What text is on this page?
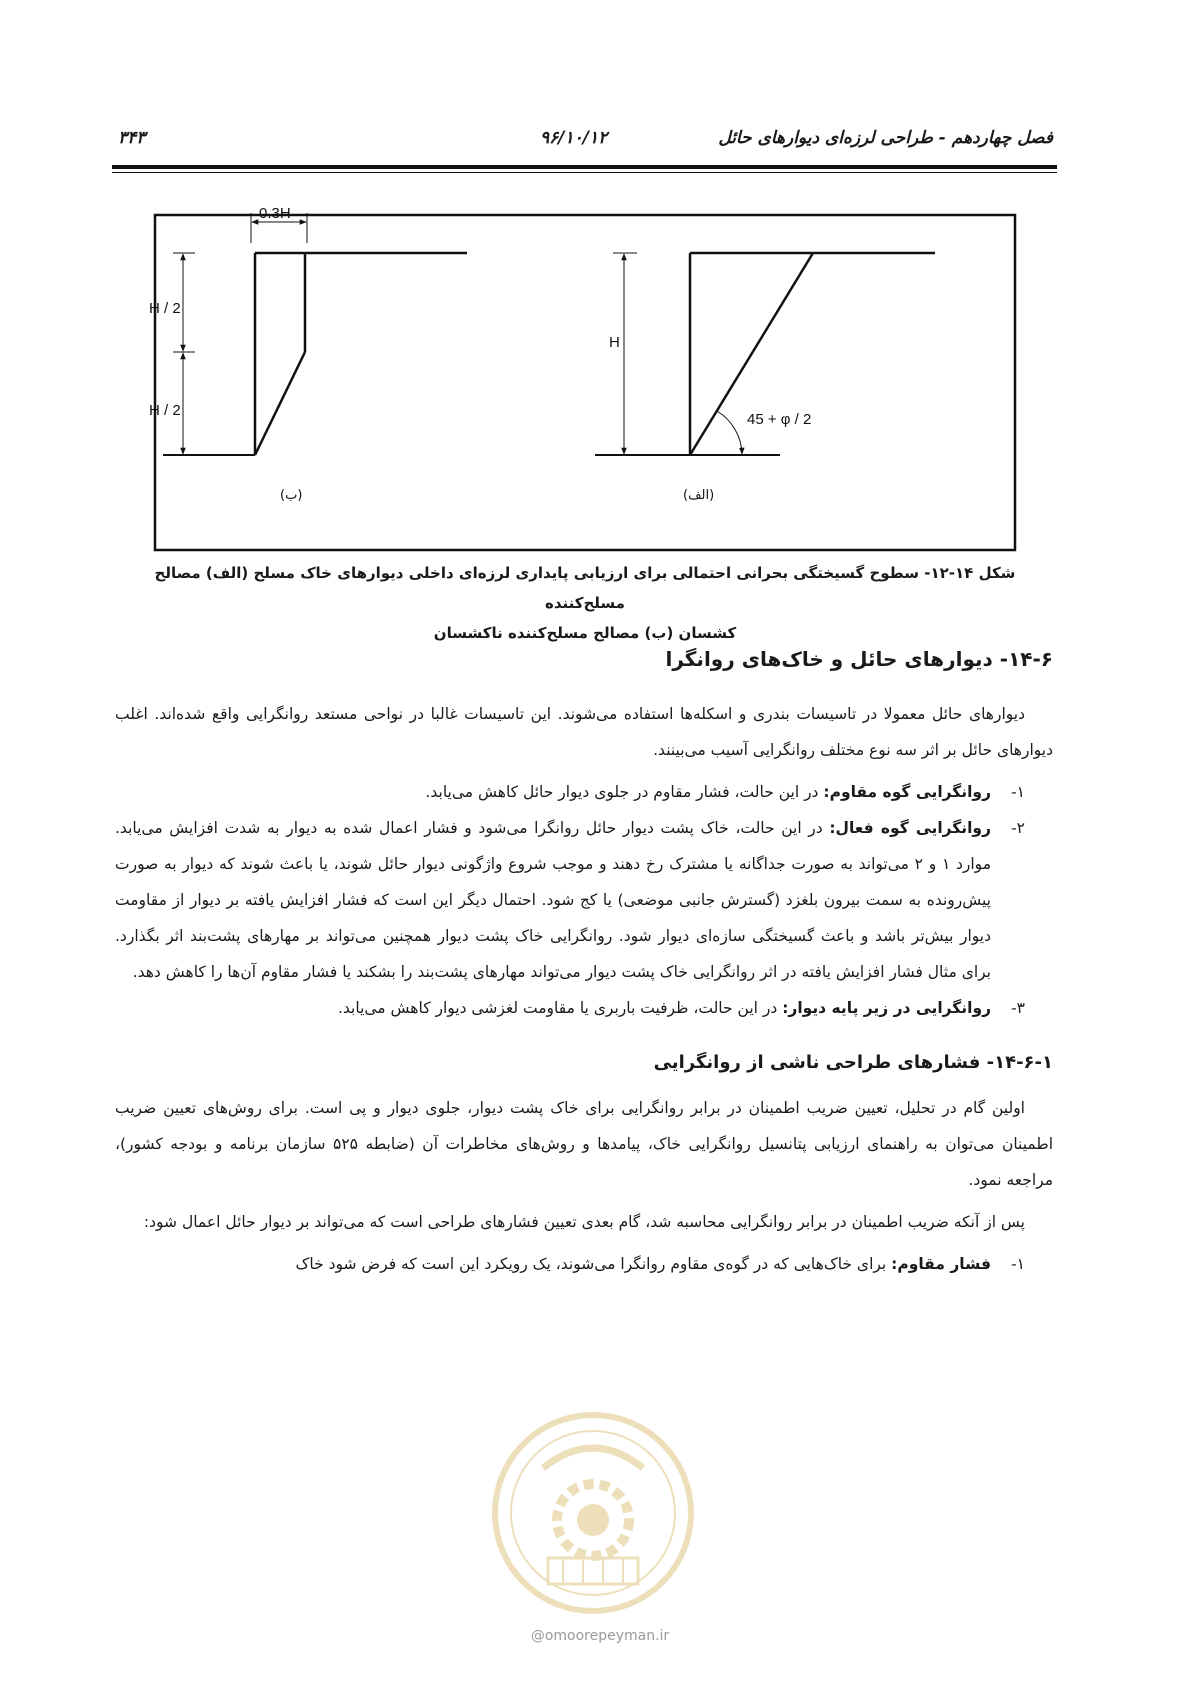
فصل چهاردهم - طراحی لرزه‌ای دیوارهای حائل
۹۶/۱۰/۱۲
۳۴۳
0.3H
H / 2
H / 2
(ب)
H
45 + φ / 2
(الف)
شکل ۱۴-۱۲- سطوح گسیختگی بحرانی احتمالی برای ارزیابی پایداری لرزه‌ای داخلی دیوارهای خاک مسلح (الف) مصالح مسلح‌کننده
کشسان (ب) مصالح مسلح‌کننده ناکشسان
۱۴-۶- دیوارهای حائل و خاک‌های روانگرا
دیوارهای حائل معمولا در تاسیسات بندری و اسکله‌ها استفاده می‌شوند. این تاسیسات غالبا در نواحی مستعد روانگرایی واقع شده‌اند. اغلب دیوارهای حائل بر اثر سه نوع مختلف روانگرایی آسیب می‌بینند.
۱-
روانگرایی گوه مقاوم: در این حالت، فشار مقاوم در جلوی دیوار حائل کاهش می‌یابد.
۲-
روانگرایی گوه فعال: در این حالت، خاک پشت دیوار حائل روانگرا می‌شود و فشار اعمال شده به دیوار به شدت افزایش می‌یابد. موارد ۱ و ۲ می‌تواند به صورت جداگانه یا مشترک رخ دهند و موجب شروع واژگونی دیوار حائل شوند، یا باعث شوند که دیوار به صورت پیش‌رونده به سمت بیرون بلغزد (گسترش جانبی موضعی) یا کج شود. احتمال دیگر این است که فشار افزایش یافته بر دیوار از مقاومت دیوار بیش‌تر باشد و باعث گسیختگی سازه‌ای دیوار شود. روانگرایی خاک پشت دیوار همچنین می‌تواند بر مهارهای پشت‌بند اثر بگذارد. برای مثال فشار افزایش یافته در اثر روانگرایی خاک پشت دیوار می‌تواند مهارهای پشت‌بند را بشکند یا فشار مقاوم آن‌ها را کاهش دهد.
۳-
روانگرایی در زیر پایه دیوار: در این حالت، ظرفیت باربری یا مقاومت لغزشی دیوار کاهش می‌یابد.
۱۴-۶-۱- فشارهای طراحی ناشی از روانگرایی
اولین گام در تحلیل، تعیین ضریب اطمینان در برابر روانگرایی برای خاک پشت دیوار، جلوی دیوار و پی است. برای روش‌های تعیین ضریب اطمینان می‌توان به راهنمای ارزیابی پتانسیل روانگرایی خاک، پیامدها و روش‌های مخاطرات آن (ضابطه ۵۲۵ سازمان برنامه و بودجه کشور)، مراجعه نمود.
پس از آنکه ضریب اطمینان در برابر روانگرایی محاسبه شد، گام بعدی تعیین فشارهای طراحی است که می‌تواند بر دیوار حائل اعمال شود:
۱-
فشار مقاوم: برای خاک‌هایی که در گوه‌ی مقاوم روانگرا می‌شوند، یک رویکرد این است که فرض شود خاک
@omoorepeyman.ir
